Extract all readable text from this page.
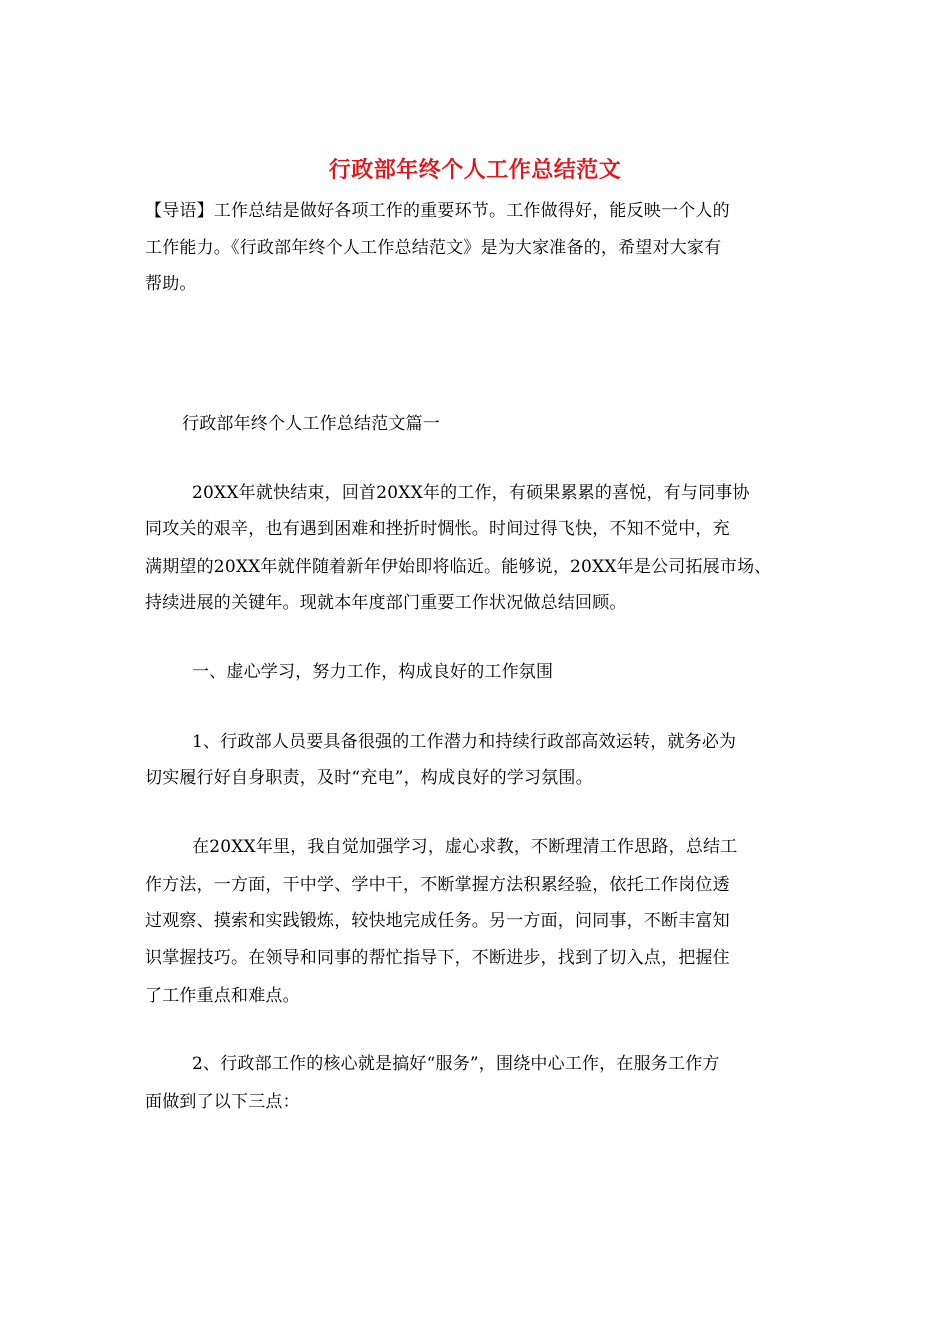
行政部年终个人工作总结范文
【导语】工作总结是做好各项工作的重要环节。工作做得好，能反映一个人的
工作能力。《行政部年终个人工作总结范文》是为大家准备的，希望对大家有
帮助。
行政部年终个人工作总结范文篇一
20XX年就快结束，回首20XX年的工作，有硕果累累的喜悦，有与同事协
同攻关的艰辛，也有遇到困难和挫折时惆怅。时间过得飞快，不知不觉中，充
满期望的20XX年就伴随着新年伊始即将临近。能够说，20XX年是公司拓展市场、
持续进展的关键年。现就本年度部门重要工作状况做总结回顾。
一、虚心学习，努力工作，构成良好的工作氛围
1、行政部人员要具备很强的工作潜力和持续行政部高效运转，就务必为
切实履行好自身职责，及时“充电”，构成良好的学习氛围。
在20XX年里，我自觉加强学习，虚心求教，不断理清工作思路，总结工
作方法，一方面，干中学、学中干，不断掌握方法积累经验，依托工作岗位透
过观察、摸索和实践锻炼，较快地完成任务。另一方面，问同事，不断丰富知
识掌握技巧。在领导和同事的帮忙指导下，不断进步，找到了切入点，把握住
了工作重点和难点。
2、行政部工作的核心就是搞好“服务”，围绕中心工作，在服务工作方
面做到了以下三点：
